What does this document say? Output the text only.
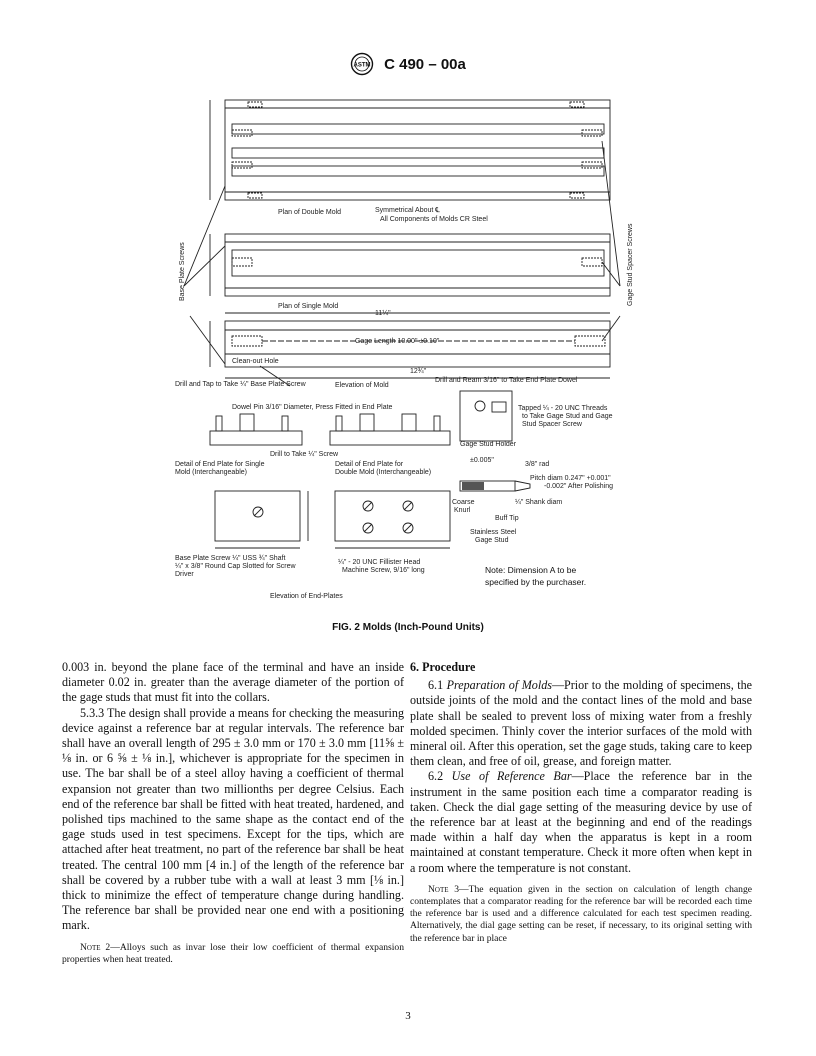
ASTM C 490 – 00a
Plan of Double Mold	Symmetrical About ℄
All Components of Molds CR Steel
Plan of Single Mold
Gage Length 10.00" ±0.10"
11¼"
12¾"
Clean-out Hole
Drill and Tap to Take ¼" Base Plate Screw	Elevation of Mold
Drill and Ream 3/16" to Take End Plate Dowel
Base Plate Screws	Gage Stud Spacer Screws
Dowel Pin 3/16" Diameter, Press Fitted in End Plate	Tapped ¼ - 20 UNC Threads
to Take Gage Stud and Gage
Stud Spacer Screw
Gage Stud Holder
Drill to Take ¼" Screw
Detail of End Plate for Single
Mold (Interchangeable)
Detail of End Plate for
Double Mold (Interchangeable)
±0.005"
3/8" rad
Pitch diam 0.247" +0.001"
-0.002" After Polishing
Coarse
Knurl
¼" Shank diam
Buff Tip
Stainless Steel
Gage Stud
Base Plate Screw ¼" USS ¾" Shaft
¼" x 3/8" Round Cap Slotted for Screw
Driver
¼" - 20 UNC Fillister Head
Machine Screw, 9/16" long	Note: Dimension A to be
specified by the purchaser.
Elevation of End-Plates
FIG. 2 Molds (Inch-Pound Units)

0.003 in. beyond the plane face of the terminal and have an inside diameter 0.02 in. greater than the average diameter of the portion of the gage studs that must fit into the collars.

5.3.3 The design shall provide a means for checking the measuring device against a reference bar at regular intervals. The reference bar shall have an overall length of 295 ± 3.0 mm or 170 ± 3.0 mm [11⅝ ± ⅛ in. or 6 ⅝ ± ⅛ in.], whichever is appropriate for the specimen in use. The bar shall be of a steel alloy having a coefficient of thermal expansion not greater than two millionths per degree Celsius. Each end of the reference bar shall be fitted with heat treated, hardened, and polished tips machined to the same shape as the contact end of the gage studs used in test specimens. Except for the tips, which are attached after heat treatment, no part of the reference bar shall be heat treated. The central 100 mm [4 in.] of the length of the reference bar shall be covered by a rubber tube with a wall at least 3 mm [⅛ in.] thick to minimize the effect of temperature change during handling. The reference bar shall be provided near one end with a positioning mark.

Note 2—Alloys such as invar lose their low coefficient of thermal expansion properties when heat treated.

6. Procedure

6.1 Preparation of Molds—Prior to the molding of specimens, the outside joints of the mold and the contact lines of the mold and base plate shall be sealed to prevent loss of mixing water from a freshly molded specimen. Thinly cover the interior surfaces of the mold with mineral oil. After this operation, set the gage studs, taking care to keep them clean, and free of oil, grease, and foreign matter.

6.2 Use of Reference Bar—Place the reference bar in the instrument in the same position each time a comparator reading is taken. Check the dial gage setting of the measuring device by use of the reference bar at least at the beginning and end of the readings made within a half day when the apparatus is kept in a room maintained at constant temperature. Check it more often when kept in a room where the temperature is not constant.

Note 3—The equation given in the section on calculation of length change contemplates that a comparator reading for the reference bar will be recorded each time the reference bar is used and a difference calculated for each test specimen reading. Alternatively, the dial gage setting can be reset, if necessary, to its original setting with the reference bar in place

3
